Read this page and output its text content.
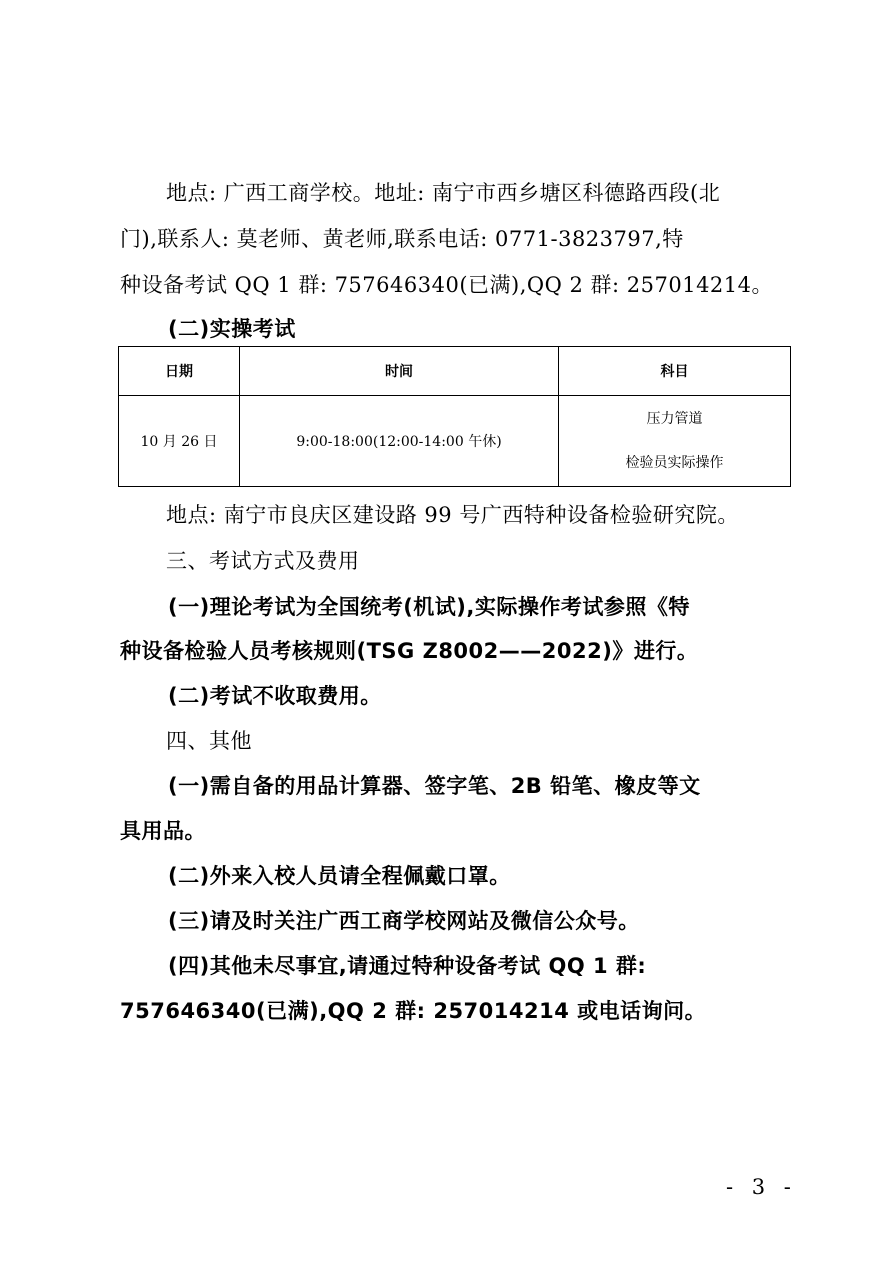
地点: 广西工商学校。地址: 南宁市西乡塘区科德路西段(北
门),联系人: 莫老师、黄老师,联系电话: 0771-3823797,特
种设备考试 QQ 1 群: 757646340(已满),QQ 2 群: 257014214。
(二)实操考试
日期	时间	科目
10 月 26 日	9:00-18:00(12:00-14:00 午休)	压力管道
检验员实际操作
地点: 南宁市良庆区建设路 99 号广西特种设备检验研究院。
三、考试方式及费用
(一)理论考试为全国统考(机试),实际操作考试参照《特
种设备检验人员考核规则(TSG Z8002——2022)》进行。
(二)考试不收取费用。
四、其他
(一)需自备的用品计算器、签字笔、2B 铅笔、橡皮等文
具用品。
(二)外来入校人员请全程佩戴口罩。
(三)请及时关注广西工商学校网站及微信公众号。
(四)其他未尽事宜,请通过特种设备考试 QQ 1 群:
757646340(已满),QQ 2 群: 257014214 或电话询问。
- 3 -
